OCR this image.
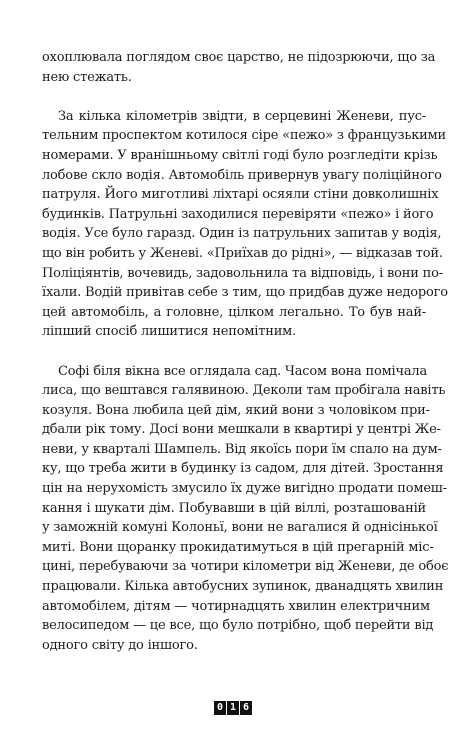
охоплювала поглядом своє царство, не підозрюючи, що за
нею стежать.
За кілька кілометрів звідти, в серцевині Женеви, пус-
тельним проспектом котилося сіре «пежо» з французькими
номерами. У вранішньому світлі годі було розгледіти крізь
лобове скло водія. Автомобіль привернув увагу поліційного
патруля. Його миготливі ліхтарі осяяли стіни довколишніх
будинків. Патрульні заходилися перевіряти «пежо» і його
водія. Усе було гаразд. Один із патрульних запитав у водія,
що він робить у Женеві. «Приїхав до рідні», — відказав той.
Поліціянтів, вочевидь, задовольнила та відповідь, і вони по-
їхали. Водій привітав себе з тим, що придбав дуже недорого
цей автомобіль, а головне, цілком легально. То був най-
ліпший спосіб лишитися непомітним.
Софі біля вікна все оглядала сад. Часом вона помічала
лиса, що вештався галявиною. Деколи там пробігала навіть
козуля. Вона любила цей дім, який вони з чоловіком при-
дбали рік тому. Досі вони мешкали в квартирі у центрі Же-
неви, у кварталі Шампель. Від якоїсь пори їм спало на дум-
ку, що треба жити в будинку із садом, для дітей. Зростання
цін на нерухомість змусило їх дуже вигідно продати помеш-
кання і шукати дім. Побувавши в цій віллі, розташованій
у заможній комуні Колоньї, вони не вагалися й однісінької
миті. Вони щоранку прокидатимуться в цій прегарній міс-
цині, перебуваючи за чотири кілометри від Женеви, де обоє
працювали. Кілька автобусних зупинок, дванадцять хвилин
автомобілем, дітям — чотирнадцять хвилин електричним
велосипедом — це все, що було потрібно, щоб перейти від
одного світу до іншого.
0 1 6
